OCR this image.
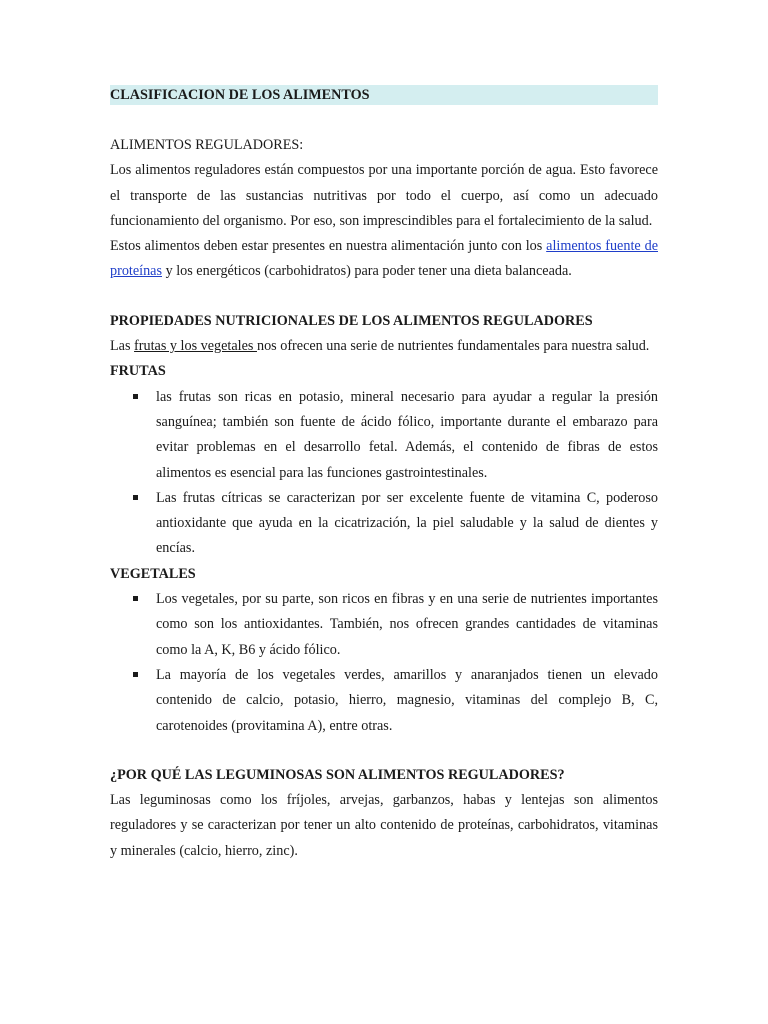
CLASIFICACION DE LOS ALIMENTOS

ALIMENTOS REGULADORES:

Los alimentos reguladores están compuestos por una importante porción de agua. Esto favorece el transporte de las sustancias nutritivas por todo el cuerpo, así como un adecuado funcionamiento del organismo. Por eso, son imprescindibles para el fortalecimiento de la salud.

Estos alimentos deben estar presentes en nuestra alimentación junto con los alimentos fuente de proteínas y los energéticos (carbohidratos) para poder tener una dieta balanceada.

PROPIEDADES NUTRICIONALES DE LOS ALIMENTOS REGULADORES

Las frutas y los vegetales nos ofrecen una serie de nutrientes fundamentales para nuestra salud.

FRUTAS

las frutas son ricas en potasio, mineral necesario para ayudar a regular la presión sanguínea; también son fuente de ácido fólico, importante durante el embarazo para evitar problemas en el desarrollo fetal. Además, el contenido de fibras de estos alimentos es esencial para las funciones gastrointestinales.
Las frutas cítricas se caracterizan por ser excelente fuente de vitamina C, poderoso antioxidante que ayuda en la cicatrización, la piel saludable y la salud de dientes y encías.

VEGETALES

Los vegetales, por su parte, son ricos en fibras y en una serie de nutrientes importantes como son los antioxidantes. También, nos ofrecen grandes cantidades de vitaminas como la A, K, B6 y ácido fólico.
La mayoría de los vegetales verdes, amarillos y anaranjados tienen un elevado contenido de calcio, potasio, hierro, magnesio, vitaminas del complejo B, C, carotenoides (provitamina A), entre otras.

¿POR QUÉ LAS LEGUMINOSAS SON ALIMENTOS REGULADORES?

Las leguminosas como los fríjoles, arvejas, garbanzos, habas y lentejas son alimentos reguladores y se caracterizan por tener un alto contenido de proteínas, carbohidratos, vitaminas y minerales (calcio, hierro, zinc).
